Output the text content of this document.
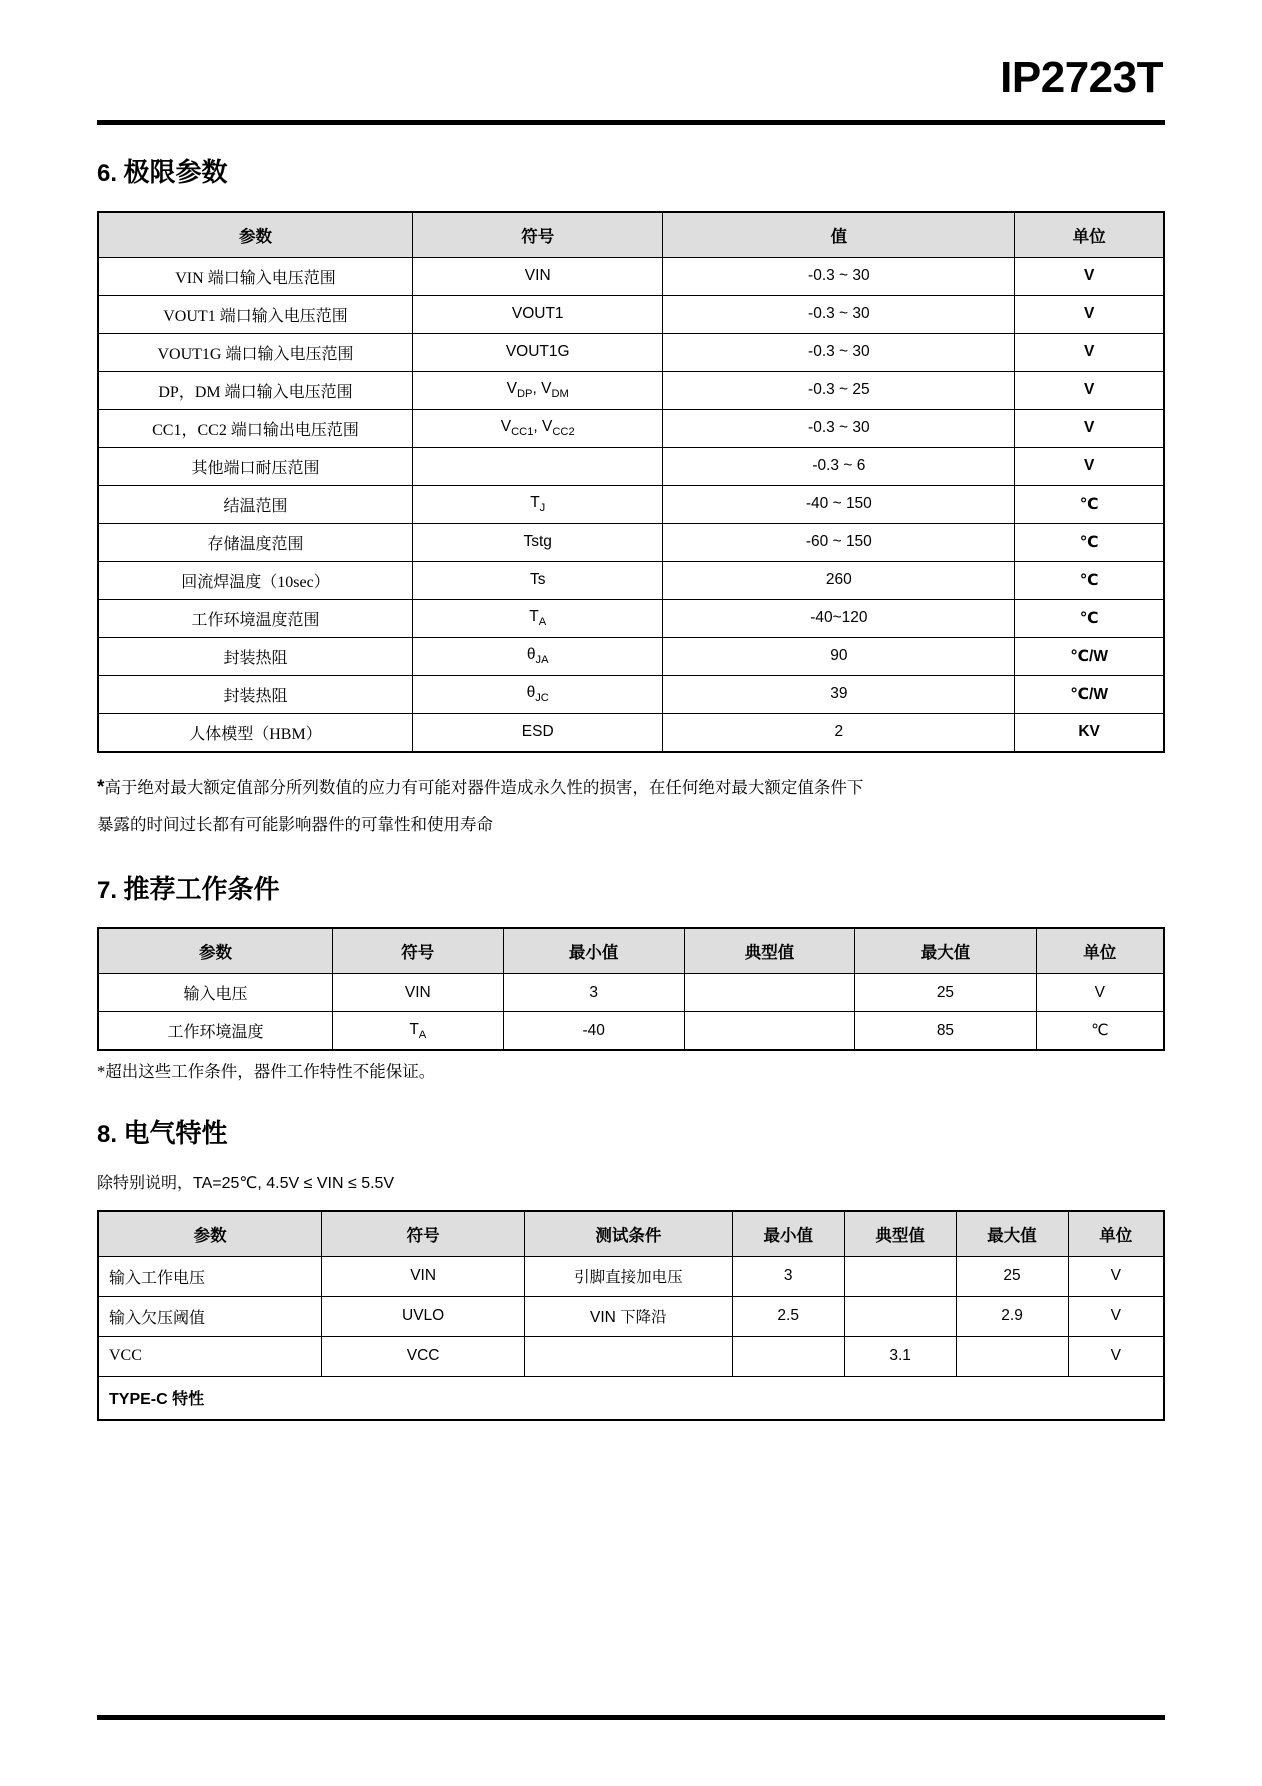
IP2723T
6. 极限参数
参数	符号	值	单位
VIN 端口输入电压范围	VIN	-0.3 ~ 30	V
VOUT1 端口输入电压范围	VOUT1	-0.3 ~ 30	V
VOUT1G 端口输入电压范围	VOUT1G	-0.3 ~ 30	V
DP，DM 端口输入电压范围	$V_{DP}$, $V_{DM}$	-0.3 ~ 25	V
CC1，CC2 端口输出电压范围	$V_{CC1}$, $V_{CC2}$	-0.3 ~ 30	V
其他端口耐压范围		-0.3 ~ 6	V
结温范围	$T_J$	-40 ~ 150	℃
存储温度范围	Tstg	-60 ~ 150	℃
回流焊温度（10sec）	Ts	260	℃
工作环境温度范围	$T_A$	-40~120	℃
封装热阻	$\theta_{JA}$	90	℃/W
封装热阻	$\theta_{JC}$	39	℃/W
人体模型（HBM）	ESD	2	KV

*高于绝对最大额定值部分所列数值的应力有可能对器件造成永久性的损害，在任何绝对最大额定值条件下
暴露的时间过长都有可能影响器件的可靠性和使用寿命

7. 推荐工作条件
参数	符号	最小值	典型值	最大值	单位
输入电压	VIN	3		25	V
工作环境温度	$T_A$	-40		85	℃

*超出这些工作条件，器件工作特性不能保证。

8. 电气特性

除特别说明，TA=25℃, 4.5V ≤ VIN ≤ 5.5V

参数	符号	测试条件	最小值	典型值	最大值	单位
输入工作电压	VIN	引脚直接加电压	3		25	V
输入欠压阈值	UVLO	VIN 下降沿	2.5		2.9	V
VCC	VCC			3.1		V
TYPE-C 特性						
